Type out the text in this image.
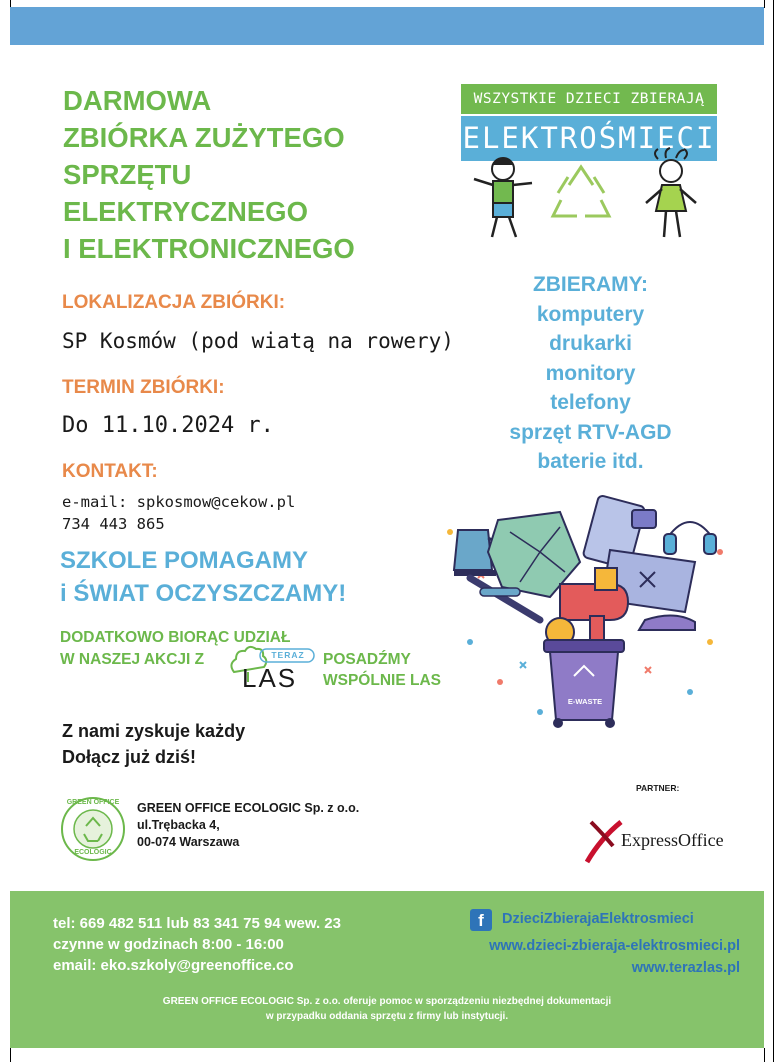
DARMOWA
ZBIÓRKA ZUŻYTEGO
SPRZĘTU
ELEKTRYCZNEGO
I ELEKTRONICZNEGO
LOKALIZACJA ZBIÓRKI:
SP Kosmów (pod wiatą na rowery)
TERMIN ZBIÓRKI:
Do 11.10.2024 r.
KONTAKT:
e-mail: spkosmow@cekow.pl
734 443 865
SZKOLE POMAGAMY
i ŚWIAT OCZYSZCZAMY!
DODATKOWO BIORĄC UDZIAŁ
W NASZEJ AKCJI Z	POSADŹMY
WSPÓLNIE LAS
TERAZ
LAS
Z nami zyskuje każdy
Dołącz już dziś!
WSZYSTKIE DZIECI ZBIERAJĄ
ELEKTROŚMIECI
ZBIERAMY:
komputery
drukarki
monitory
telefony
sprzęt RTV-AGD
baterie itd.
E-WASTE
GREEN OFFICE
ECOLOGIC
GREEN OFFICE ECOLOGIC Sp. z o.o.
ul.Trębacka 4,
00-074 Warszawa
PARTNER:
ExpressOffice
tel: 669 482 511 lub 83 341 75 94 wew. 23
czynne w godzinach 8:00 - 16:00
email: eko.szkoly@greenoffice.co
f	DzieciZbierajaElektrosmieci
www.dzieci-zbieraja-elektrosmieci.pl
www.terazlas.pl
GREEN OFFICE ECOLOGIC Sp. z o.o. oferuje pomoc w sporządzeniu niezbędnej dokumentacji
w przypadku oddania sprzętu z firmy lub instytucji.
